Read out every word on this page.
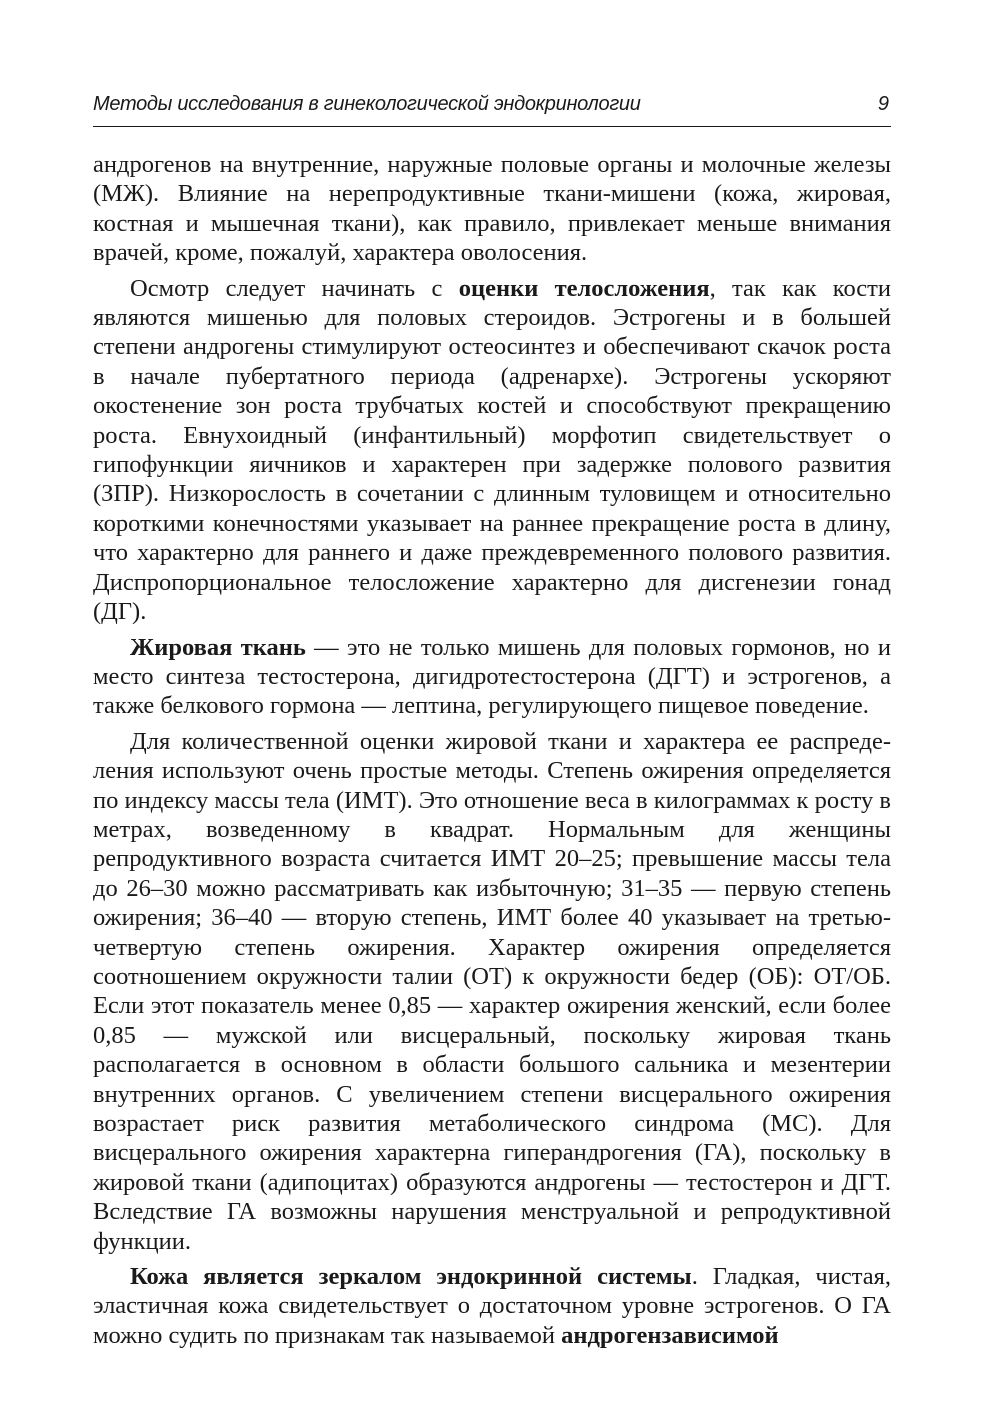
Методы исследования в гинекологической эндокринологии	9

андрогенов на внутренние, наружные половые органы и молочные железы (МЖ). Влияние на нерепродуктивные ткани-мишени (кожа, жировая, костная и мышечная ткани), как правило, привлекает меньше внимания врачей, кроме, пожалуй, характера оволосения.

Осмотр следует начинать с оценки телосложения, так как кости являются мишенью для половых стероидов. Эстрогены и в большей степени андрогены стимулируют остеосинтез и обеспечивают скачок роста в начале пубертатного периода (адренархе). Эстрогены ускоряют окостенение зон роста трубчатых костей и способствуют прекращению роста. Евнухоидный (инфантильный) морфотип свидетельствует о гипофункции яичников и характерен при задержке полового развития (ЗПР). Низкорослость в сочетании с длинным туловищем и относительно короткими конечностями указывает на раннее прекращение роста в длину, что характерно для раннего и даже преждевременного полового развития. Диспропорциональное телосложение характерно для дисгенезии гонад (ДГ).

Жировая ткань — это не только мишень для половых гормонов, но и место синтеза тестостерона, дигидротестостерона (ДГТ) и эстрогенов, а также белкового гормона — лептина, регулирующего пищевое поведение.

Для количественной оценки жировой ткани и характера ее распределения используют очень простые методы. Степень ожирения определяется по индексу массы тела (ИМТ). Это отношение веса в килограммах к росту в метрах, возведенному в квадрат. Нормальным для женщины репродуктивного возраста считается ИМТ 20–25; превышение массы тела до 26–30 можно рассматривать как избыточную; 31–35 — первую степень ожирения; 36–40 — вторую степень, ИМТ более 40 указывает на третью-четвертую степень ожирения. Характер ожирения определяется соотношением окружности талии (ОТ) к окружности бедер (ОБ): ОТ/ОБ. Если этот показатель менее 0,85 — характер ожирения женский, если более 0,85 — мужской или висцеральный, поскольку жировая ткань располагается в основном в области большого сальника и мезентерии внутренних органов. С увеличением степени висцерального ожирения возрастает риск развития метаболического синдрома (МС). Для висцерального ожирения характерна гиперандрогения (ГА), поскольку в жировой ткани (адипоцитах) образуются андрогены — тестостерон и ДГТ. Вследствие ГА возможны нарушения менструальной и репродуктивной функции.

Кожа является зеркалом эндокринной системы. Гладкая, чистая, эластичная кожа свидетельствует о достаточном уровне эстрогенов. О ГА можно судить по признакам так называемой андрогензависимой
